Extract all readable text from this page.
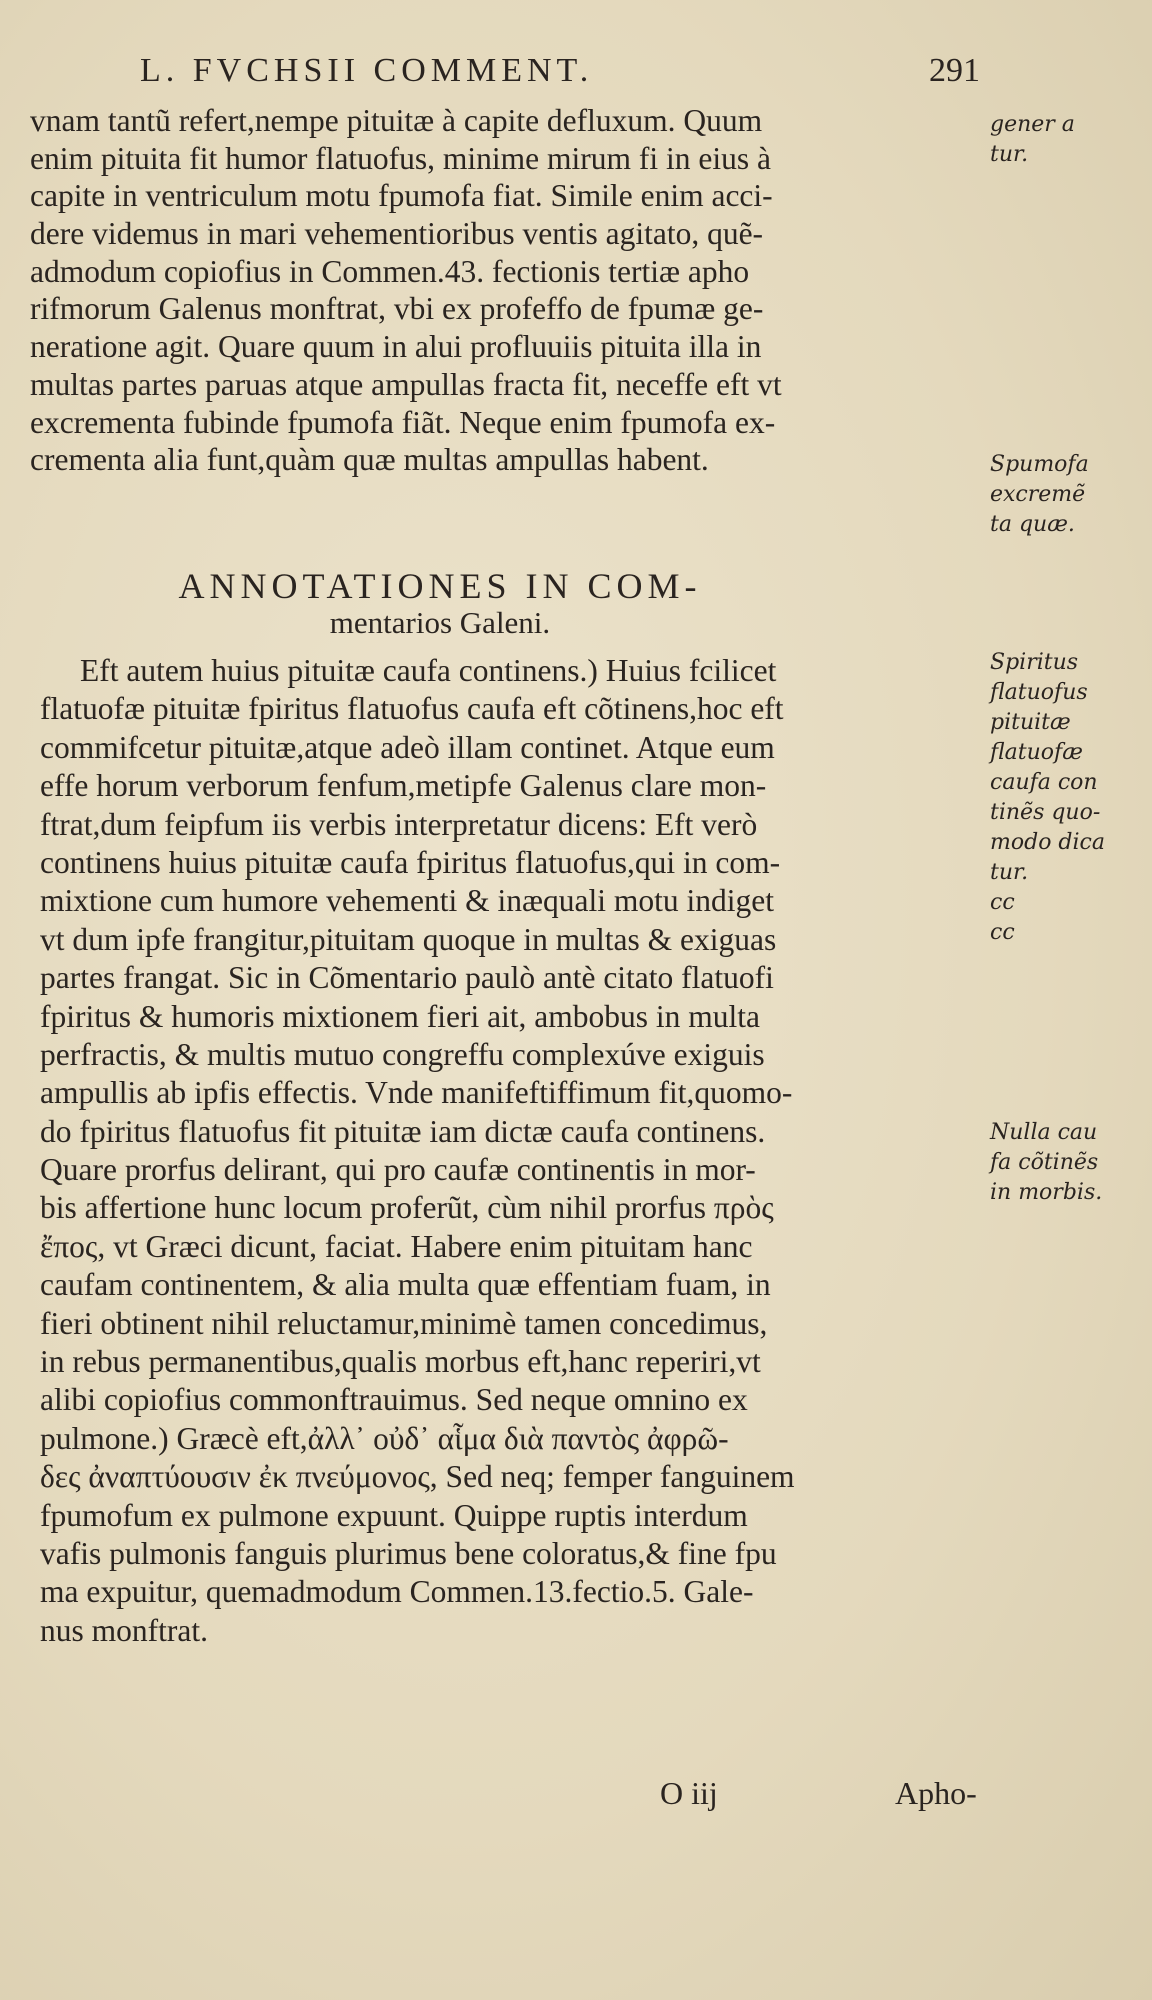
L. FVCHSII COMMENT.	291
vnam tantũ refert,nempe pituitæ à capite defluxum. Quum
enim pituita fit humor flatuofus, minime mirum fi in eius à
capite in ventriculum motu fpumofa fiat. Simile enim acci-
dere videmus in mari vehementioribus ventis agitato, quẽ-
admodum copiofius in Commen.43. fectionis tertiæ apho
rifmorum Galenus monftrat, vbi ex profeffo de fpumæ ge-
neratione agit. Quare quum in alui profluuiis pituita illa in
multas partes paruas atque ampullas fracta fit, neceffe eft vt
excrementa fubinde fpumofa fiãt. Neque enim fpumofa ex-
crementa alia funt,quàm quæ multas ampullas habent.
ANNOTATIONES IN COM-
mentarios Galeni.
Eft autem huius pituitæ caufa continens.) Huius fcilicet
flatuofæ pituitæ fpiritus flatuofus caufa eft cõtinens,hoc eft
commifcetur pituitæ,atque adeò illam continet. Atque eum
effe horum verborum fenfum,metipfe Galenus clare mon-
ftrat,dum feipfum iis verbis interpretatur dicens: Eft verò
continens huius pituitæ caufa fpiritus flatuofus,qui in com-
mixtione cum humore vehementi & inæquali motu indiget
vt dum ipfe frangitur,pituitam quoque in multas & exiguas
partes frangat. Sic in Cõmentario paulò antè citato flatuofi
fpiritus & humoris mixtionem fieri ait, ambobus in multa
perfractis, & multis mutuo congreffu complexúve exiguis
ampullis ab ipfis effectis. Vnde manifeftiffimum fit,quomo-
do fpiritus flatuofus fit pituitæ iam dictæ caufa continens.
Quare prorfus delirant, qui pro caufæ continentis in mor-
bis affertione hunc locum proferũt, cùm nihil prorfus πρὸς
ἔπος, vt Græci dicunt, faciat. Habere enim pituitam hanc
caufam continentem, & alia multa quæ effentiam fuam, in
fieri obtinent nihil reluctamur,minimè tamen concedimus,
in rebus permanentibus,qualis morbus eft,hanc reperiri,vt
alibi copiofius commonftrauimus. Sed neque omnino ex
pulmone.) Græcè eft,ἀλλ᾽ οὐδ᾽ αἷμα διὰ παντὸς ἀφρῶ-
δες ἀναπτύουσιν ἐκ πνεύμονος, Sed neq; femper fanguinem
fpumofum ex pulmone expuunt. Quippe ruptis interdum
vafis pulmonis fanguis plurimus bene coloratus,& fine fpu
ma expuitur, quemadmodum Commen.13.fectio.5. Gale-
nus monftrat.
gener a
tur.
Spumofa
excremẽ
ta quæ.
Spiritus
flatuofus
pituitæ
flatuofæ
caufa con
tinẽs quo-
modo dica
tur.
cc
cc
Nulla cau
fa cõtinẽs
in morbis.
O iij	Apho-
